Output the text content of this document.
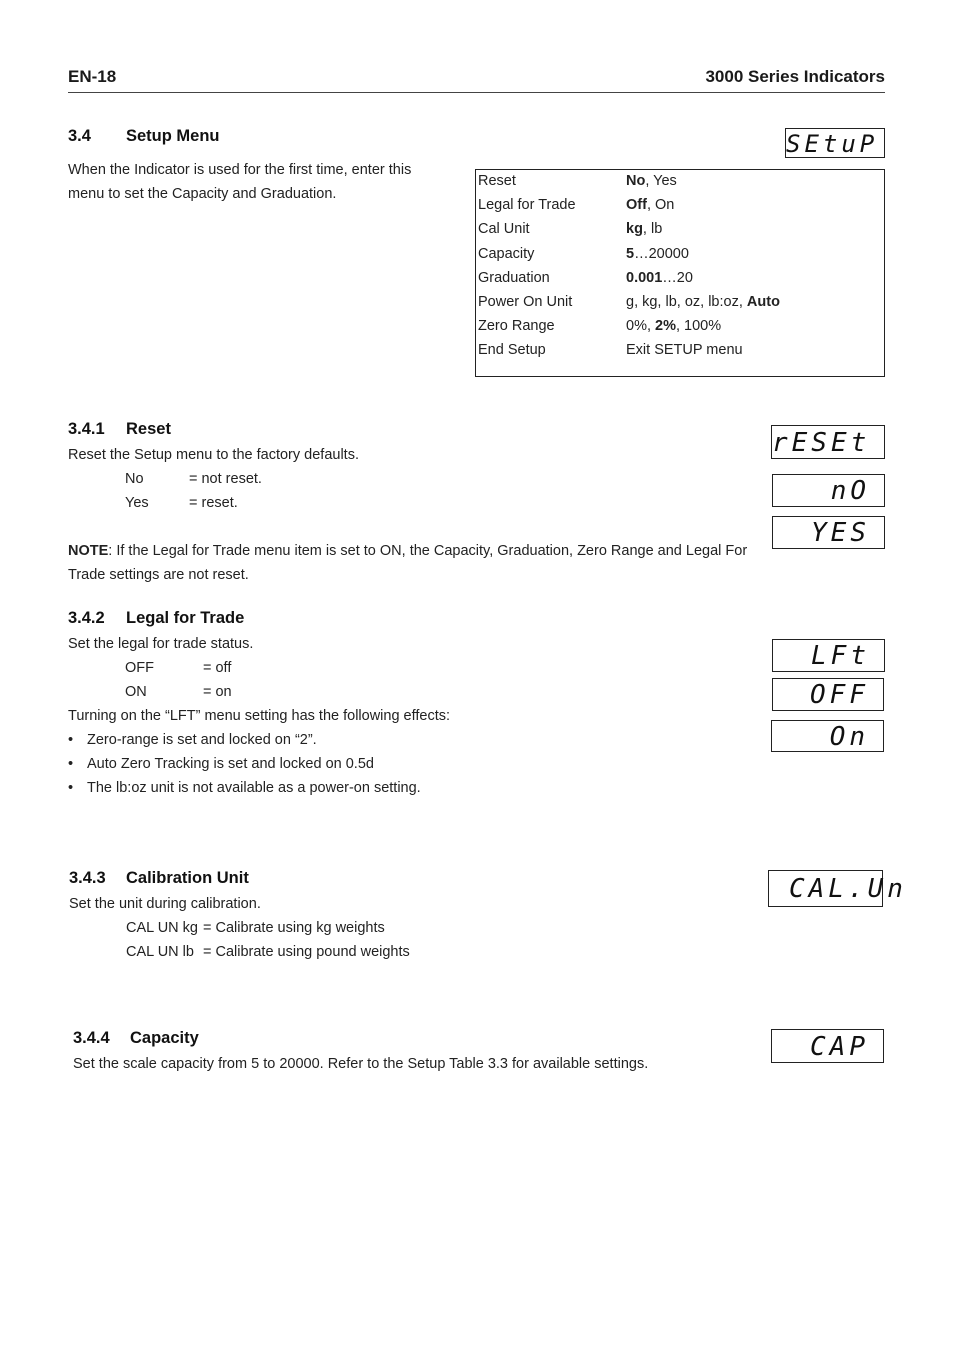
EN-18	3000 Series Indicators
3.4 Setup Menu
When the Indicator is used for the first time, enter this
menu to set the Capacity and Graduation.
SEtuP
Reset	No, Yes
Legal for Trade	Off, On
Cal Unit	kg, lb
Capacity	5…20000
Graduation	0.001…20
Power On Unit	g, kg, lb, oz, lb:oz, Auto
Zero Range	0%, 2%, 100%
End Setup	Exit SETUP menu
3.4.1 Reset
Reset the Setup menu to the factory defaults.
No	= not reset.
Yes	= reset.
NOTE: If the Legal for Trade menu item is set to ON, the Capacity, Graduation, Zero Range and Legal For
Trade settings are not reset.
rESEt
nO
YES
3.4.2 Legal for Trade
Set the legal for trade status.
OFF	= off
ON	= on
Turning on the “LFT” menu setting has the following effects:
• Zero-range is set and locked on “2”.
• Auto Zero Tracking is set and locked on 0.5d
• The lb:oz unit is not available as a power-on setting.
LFt
OFF
On
3.4.3 Calibration Unit
Set the unit during calibration.
CAL UN kg = Calibrate using kg weights
CAL UN lb = Calibrate using pound weights
CAL.Un
3.4.4 Capacity
Set the scale capacity from 5 to 20000. Refer to the Setup Table 3.3 for available settings.
CAP
